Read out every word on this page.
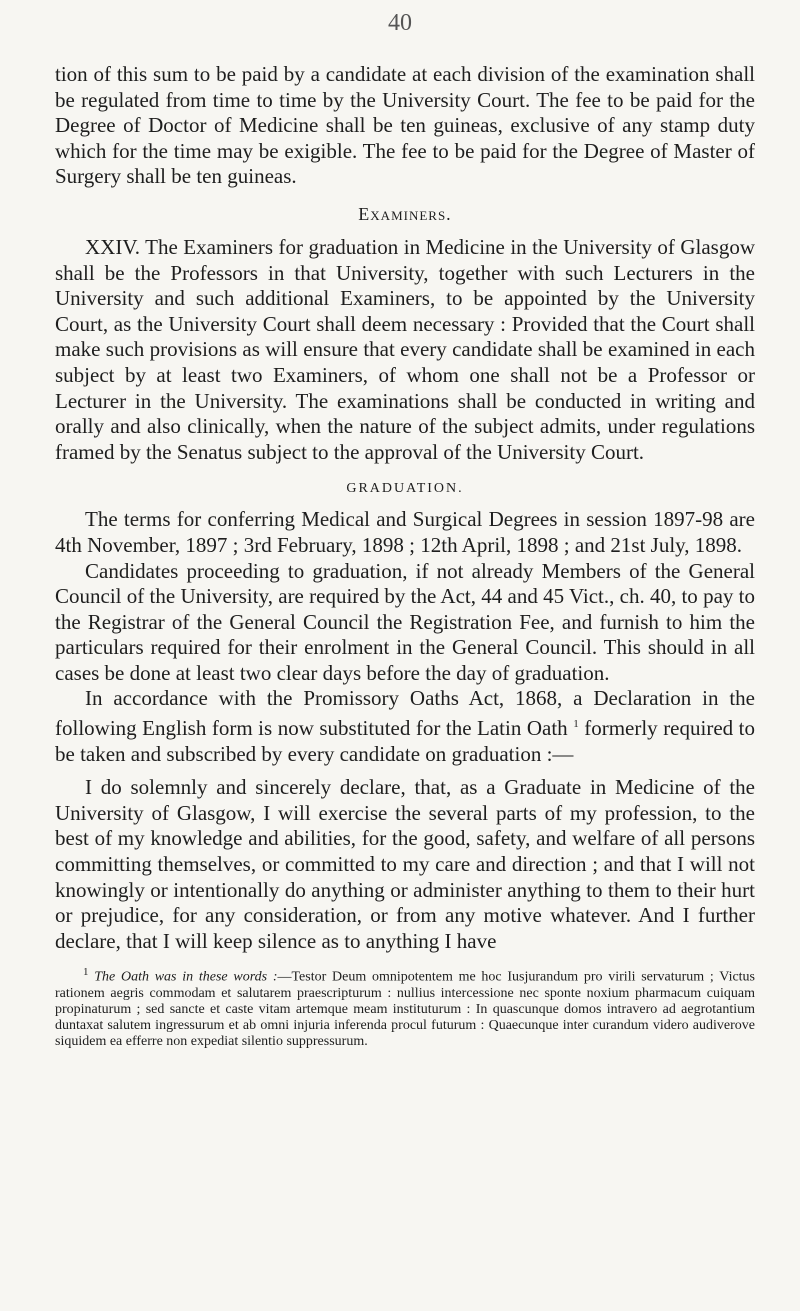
40

tion of this sum to be paid by a candidate at each division of the examination shall be regulated from time to time by the University Court. The fee to be paid for the Degree of Doctor of Medicine shall be ten guineas, exclusive of any stamp duty which for the time may be exigible. The fee to be paid for the Degree of Master of Surgery shall be ten guineas.

Examiners.

XXIV. The Examiners for graduation in Medicine in the University of Glasgow shall be the Professors in that University, together with such Lecturers in the University and such additional Examiners, to be appointed by the University Court, as the University Court shall deem necessary : Provided that the Court shall make such provisions as will ensure that every candidate shall be examined in each subject by at least two Examiners, of whom one shall not be a Professor or Lecturer in the University. The examinations shall be conducted in writing and orally and also clinically, when the nature of the subject admits, under regulations framed by the Senatus subject to the approval of the University Court.

GRADUATION.

The terms for conferring Medical and Surgical Degrees in session 1897-98 are 4th November, 1897 ; 3rd February, 1898 ; 12th April, 1898 ; and 21st July, 1898.

Candidates proceeding to graduation, if not already Members of the General Council of the University, are required by the Act, 44 and 45 Vict., ch. 40, to pay to the Registrar of the General Council the Registration Fee, and furnish to him the particulars required for their enrolment in the General Council. This should in all cases be done at least two clear days before the day of graduation.

In accordance with the Promissory Oaths Act, 1868, a Declaration in the following English form is now substituted for the Latin Oath $^1$ formerly required to be taken and subscribed by every candidate on graduation :—

I do solemnly and sincerely declare, that, as a Graduate in Medicine of the University of Glasgow, I will exercise the several parts of my profession, to the best of my knowledge and abilities, for the good, safety, and welfare of all persons committing themselves, or committed to my care and direction ; and that I will not knowingly or intentionally do anything or administer anything to them to their hurt or prejudice, for any consideration, or from any motive whatever. And I further declare, that I will keep silence as to anything I have

$^1$ The Oath was in these words :—Testor Deum omnipotentem me hoc Iusjurandum pro virili servaturum ; Victus rationem aegris commodam et salutarem praescripturum : nullius intercessione nec sponte noxium pharmacum cuiquam propinaturum ; sed sancte et caste vitam artemque meam instituturum : In quascunque domos intravero ad aegrotantium duntaxat salutem ingressurum et ab omni injuria inferenda procul futurum : Quaecunque inter curandum videro audiverove siquidem ea efferre non expediat silentio suppressurum.
